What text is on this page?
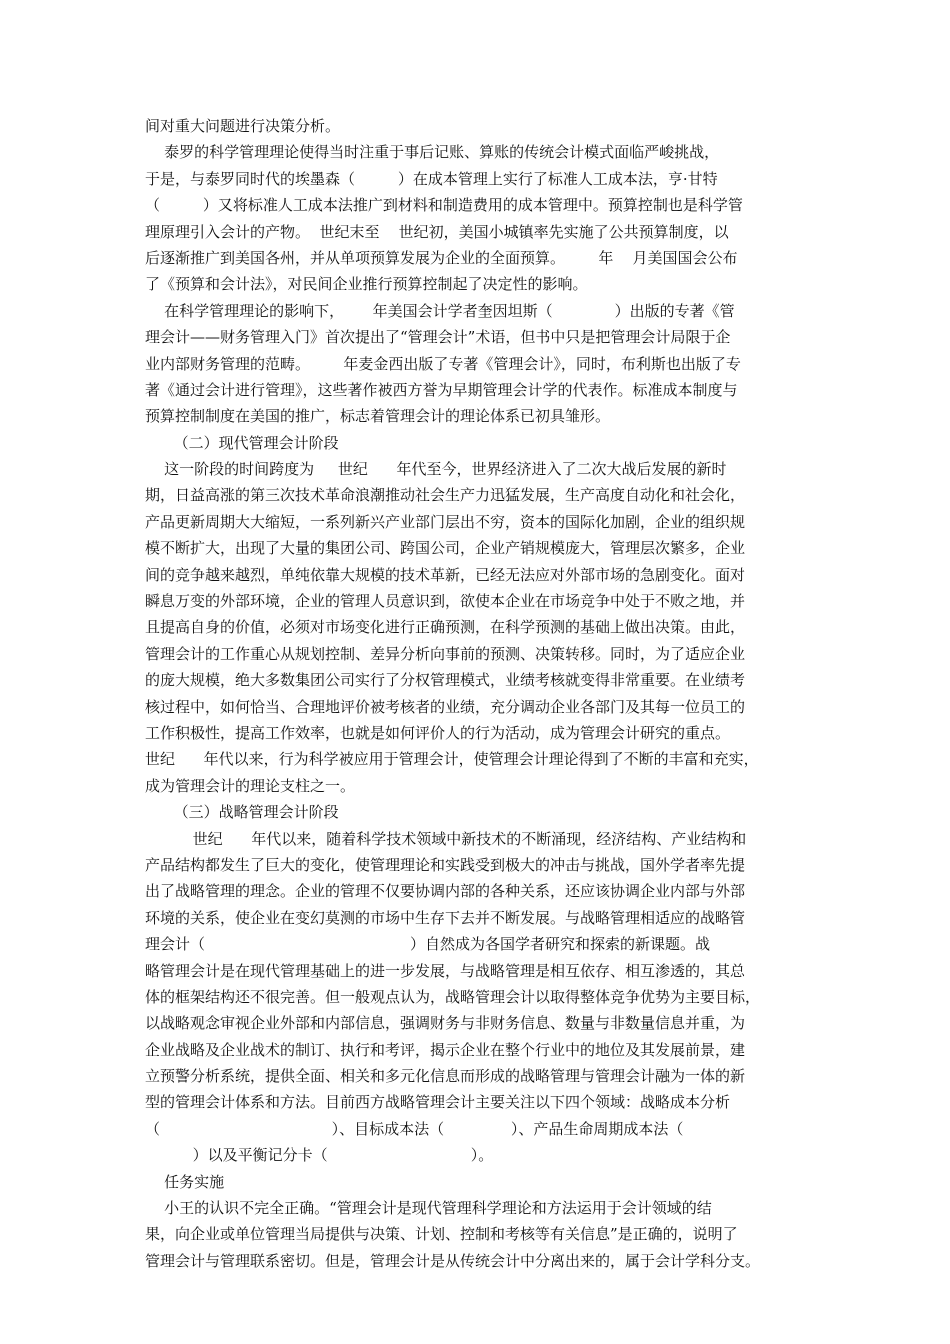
间对重大问题进行决策分析。
泰罗的科学管理理论使得当时注重于事后记账、算账的传统会计模式面临严峻挑战，
于是，与泰罗同时代的埃墨森（         ）在成本管理上实行了标准人工成本法，亨·甘特
（         ）又将标准人工成本法推广到材料和制造费用的成本管理中。预算控制也是科学管
理原理引入会计的产物。  世纪末至    世纪初，美国小城镇率先实施了公共预算制度，以
后逐渐推广到美国各州，并从单项预算发展为企业的全面预算。       年    月美国国会公布
了《预算和会计法》，对民间企业推行预算控制起了决定性的影响。
在科学管理理论的影响下，      年美国会计学者奎因坦斯（             ）出版的专著《管
理会计——财务管理入门》首次提出了“管理会计”术语，但书中只是把管理会计局限于企
业内部财务管理的范畴。       年麦金西出版了专著《管理会计》，同时，布利斯也出版了专
著《通过会计进行管理》，这些著作被西方誉为早期管理会计学的代表作。标准成本制度与
预算控制制度在美国的推广，标志着管理会计的理论体系已初具雏形。
（二）现代管理会计阶段
这一阶段的时间跨度为     世纪      年代至今，世界经济进入了二次大战后发展的新时
期，日益高涨的第三次技术革命浪潮推动社会生产力迅猛发展，生产高度自动化和社会化，
产品更新周期大大缩短，一系列新兴产业部门层出不穷，资本的国际化加剧，企业的组织规
模不断扩大，出现了大量的集团公司、跨国公司，企业产销规模庞大，管理层次繁多，企业
间的竞争越来越烈，单纯依靠大规模的技术革新，已经无法应对外部市场的急剧变化。面对
瞬息万变的外部环境，企业的管理人员意识到，欲使本企业在市场竞争中处于不败之地，并
且提高自身的价值，必须对市场变化进行正确预测，在科学预测的基础上做出决策。由此，
管理会计的工作重心从规划控制、差异分析向事前的预测、决策转移。同时，为了适应企业
的庞大规模，绝大多数集团公司实行了分权管理模式，业绩考核就变得非常重要。在业绩考
核过程中，如何恰当、合理地评价被考核者的业绩，充分调动企业各部门及其每一位员工的
工作积极性，提高工作效率，也就是如何评价人的行为活动，成为管理会计研究的重点。
世纪      年代以来，行为科学被应用于管理会计，使管理会计理论得到了不断的丰富和充实，
成为管理会计的理论支柱之一。
（三）战略管理会计阶段
世纪      年代以来，随着科学技术领域中新技术的不断涌现，经济结构、产业结构和
产品结构都发生了巨大的变化，使管理理论和实践受到极大的冲击与挑战，国外学者率先提
出了战略管理的理念。企业的管理不仅要协调内部的各种关系，还应该协调企业内部与外部
环境的关系，使企业在变幻莫测的市场中生存下去并不断发展。与战略管理相适应的战略管
理会计（                                           ）自然成为各国学者研究和探索的新课题。战
略管理会计是在现代管理基础上的进一步发展，与战略管理是相互依存、相互渗透的，其总
体的框架结构还不很完善。但一般观点认为，战略管理会计以取得整体竞争优势为主要目标，
以战略观念审视企业外部和内部信息，强调财务与非财务信息、数量与非数量信息并重，为
企业战略及企业战术的制订、执行和考评，揭示企业在整个行业中的地位及其发展前景，建
立预警分析系统，提供全面、相关和多元化信息而形成的战略管理与管理会计融为一体的新
型的管理会计体系和方法。目前西方战略管理会计主要关注以下四个领域：战略成本分析
（                                    ）、目标成本法（              ）、产品生命周期成本法（
）以及平衡记分卡（                              ）。
任务实施
小王的认识不完全正确。“管理会计是现代管理科学理论和方法运用于会计领域的结
果，向企业或单位管理当局提供与决策、计划、控制和考核等有关信息”是正确的，说明了
管理会计与管理联系密切。但是，管理会计是从传统会计中分离出来的，属于会计学科分支。
